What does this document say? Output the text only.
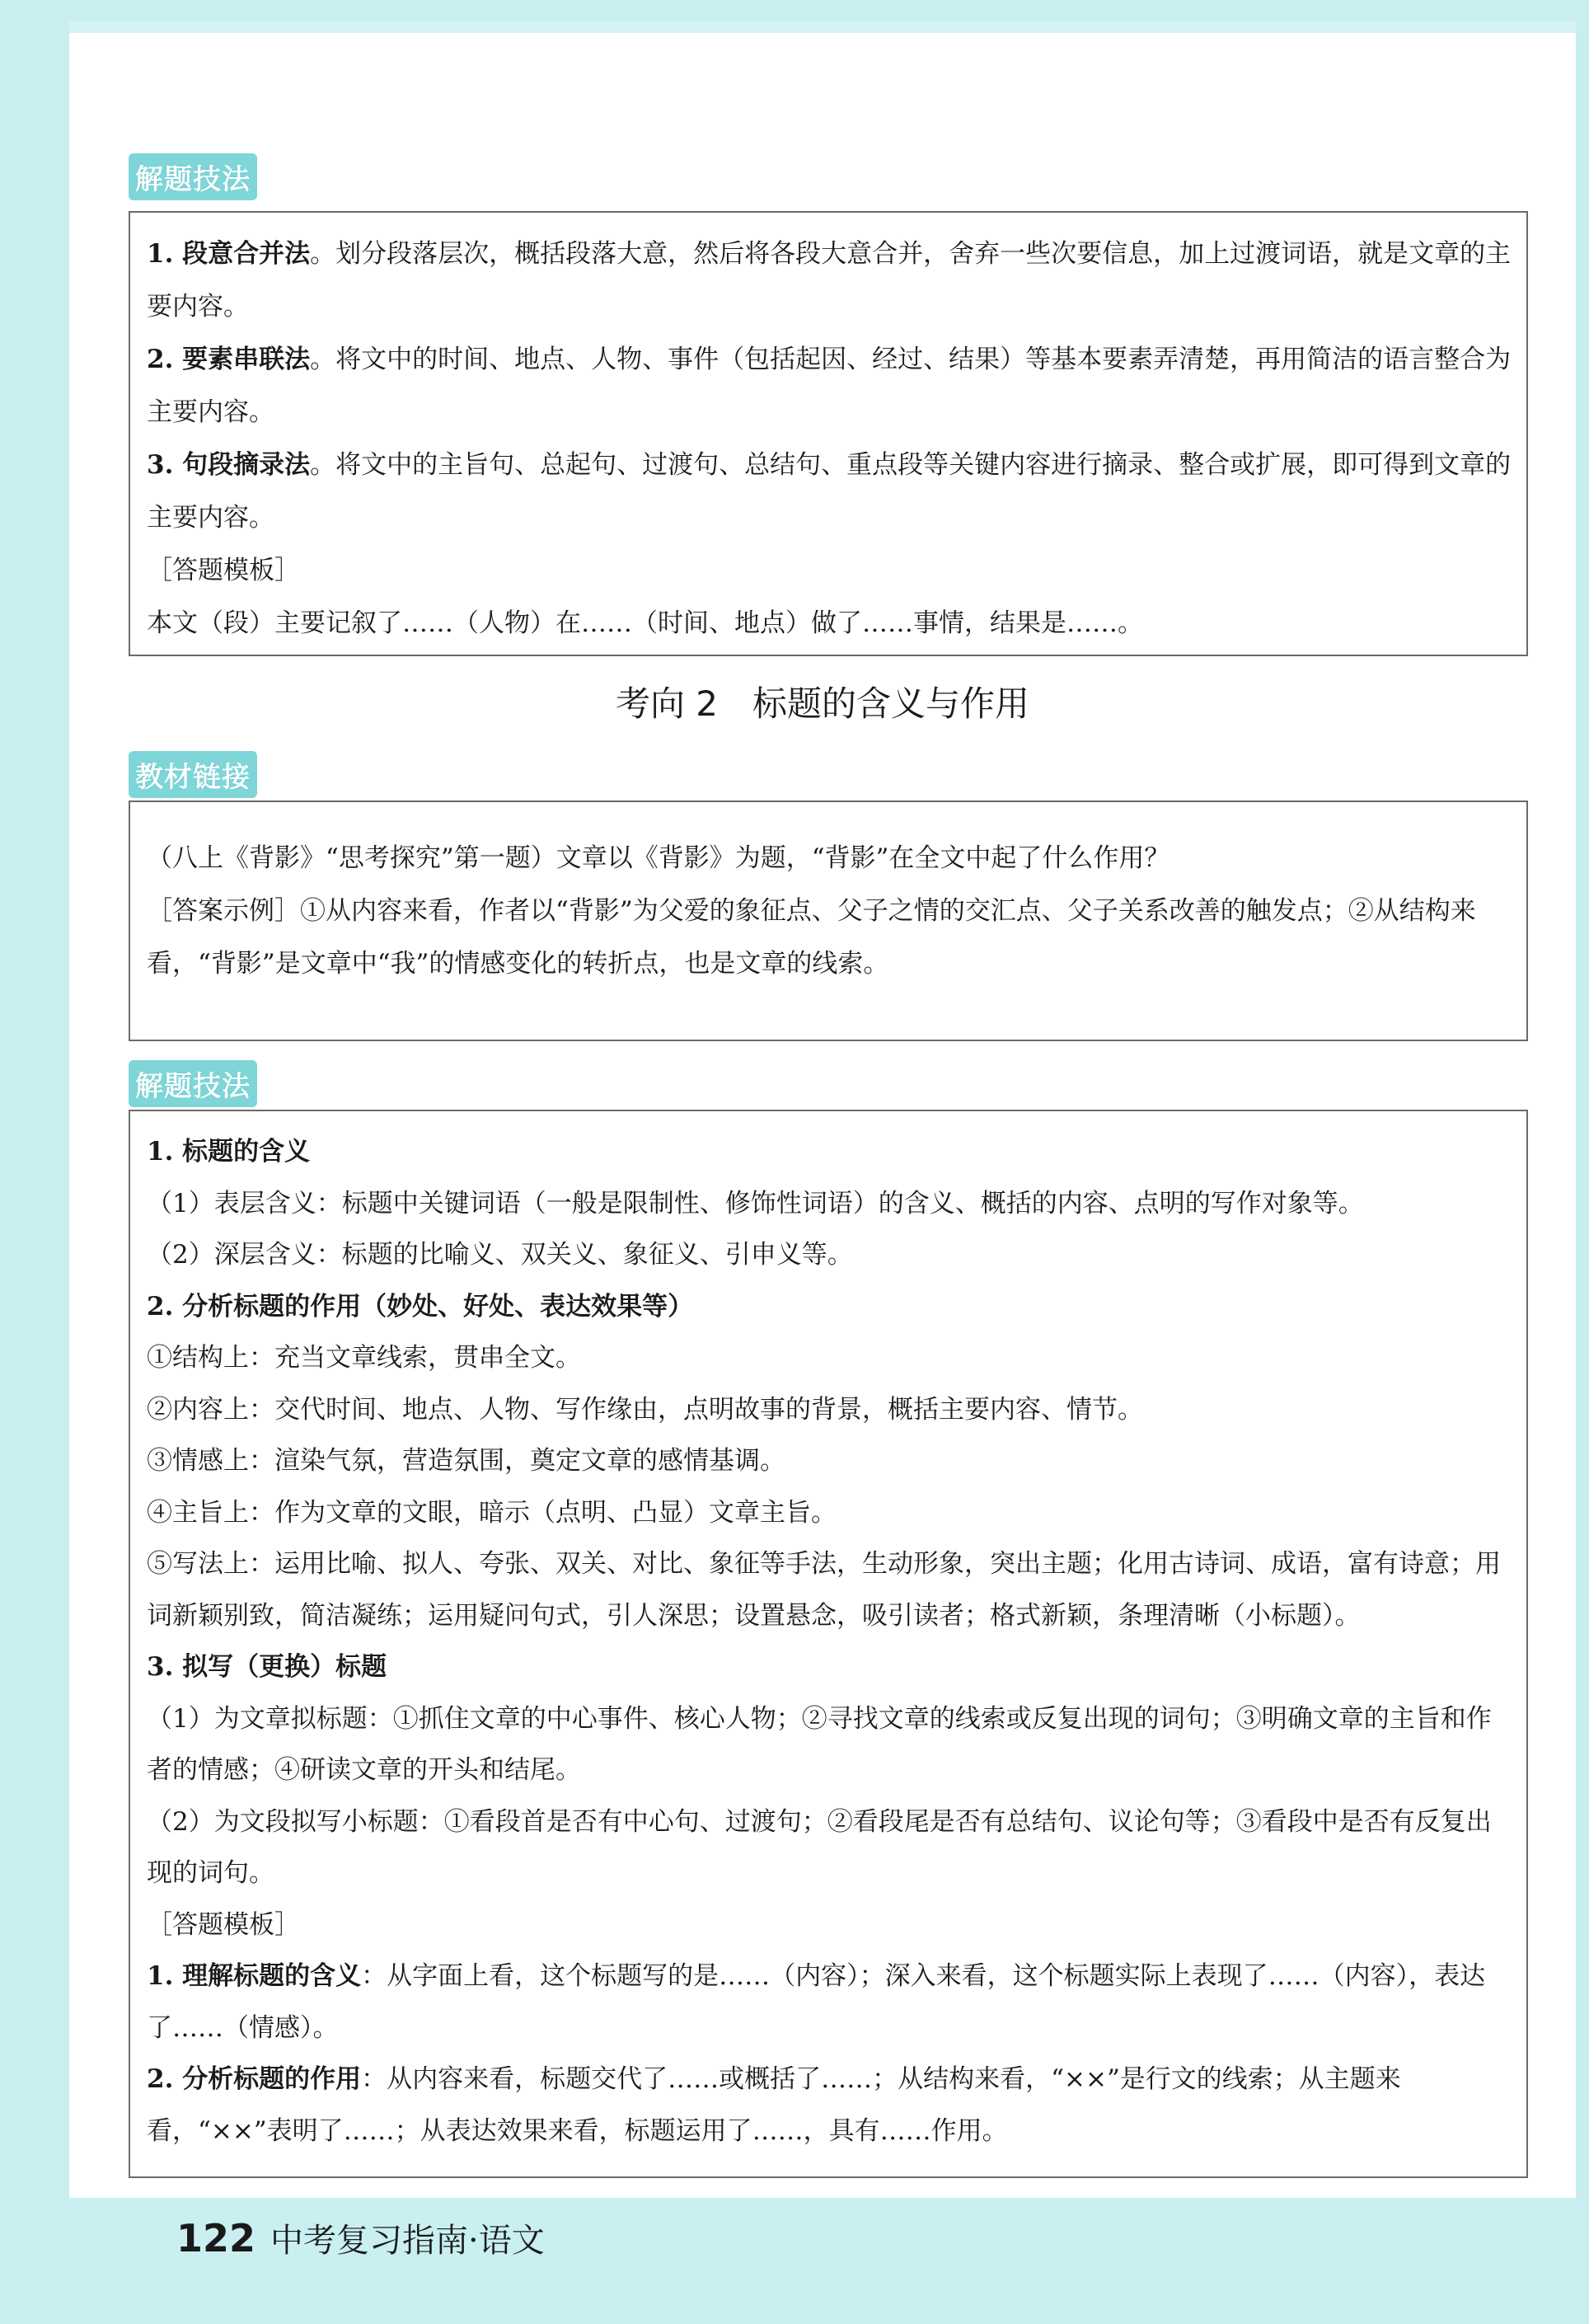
解题技法

1. 段意合并法。划分段落层次，概括段落大意，然后将各段大意合并，舍弃一些次要信息，加上过渡词语，就是文章的主要内容。

2. 要素串联法。将文中的时间、地点、人物、事件（包括起因、经过、结果）等基本要素弄清楚，再用简洁的语言整合为主要内容。

3. 句段摘录法。将文中的主旨句、总起句、过渡句、总结句、重点段等关键内容进行摘录、整合或扩展，即可得到文章的主要内容。

［答题模板］

本文（段）主要记叙了……（人物）在……（时间、地点）做了……事情，结果是……。

考向 2　标题的含义与作用
教材链接

（八上《背影》“思考探究”第一题）文章以《背影》为题，“背影”在全文中起了什么作用？

［答案示例］①从内容来看，作者以“背影”为父爱的象征点、父子之情的交汇点、父子关系改善的触发点；②从结构来看，“背影”是文章中“我”的情感变化的转折点，也是文章的线索。

解题技法

1. 标题的含义

（1）表层含义：标题中关键词语（一般是限制性、修饰性词语）的含义、概括的内容、点明的写作对象等。

（2）深层含义：标题的比喻义、双关义、象征义、引申义等。

2. 分析标题的作用（妙处、好处、表达效果等）

①结构上：充当文章线索，贯串全文。

②内容上：交代时间、地点、人物、写作缘由，点明故事的背景，概括主要内容、情节。

③情感上：渲染气氛，营造氛围，奠定文章的感情基调。

④主旨上：作为文章的文眼，暗示（点明、凸显）文章主旨。

⑤写法上：运用比喻、拟人、夸张、双关、对比、象征等手法，生动形象，突出主题；化用古诗词、成语，富有诗意；用词新颖别致，简洁凝练；运用疑问句式，引人深思；设置悬念，吸引读者；格式新颖，条理清晰（小标题）。

3. 拟写（更换）标题

（1）为文章拟标题：①抓住文章的中心事件、核心人物；②寻找文章的线索或反复出现的词句；③明确文章的主旨和作者的情感；④研读文章的开头和结尾。

（2）为文段拟写小标题：①看段首是否有中心句、过渡句；②看段尾是否有总结句、议论句等；③看段中是否有反复出现的词句。

［答题模板］

1. 理解标题的含义：从字面上看，这个标题写的是……（内容）；深入来看，这个标题实际上表现了……（内容），表达了……（情感）。

2. 分析标题的作用：从内容来看，标题交代了……或概括了……；从结构来看，“××”是行文的线索；从主题来看，“××”表明了……；从表达效果来看，标题运用了……，具有……作用。

122 中考复习指南·语文
